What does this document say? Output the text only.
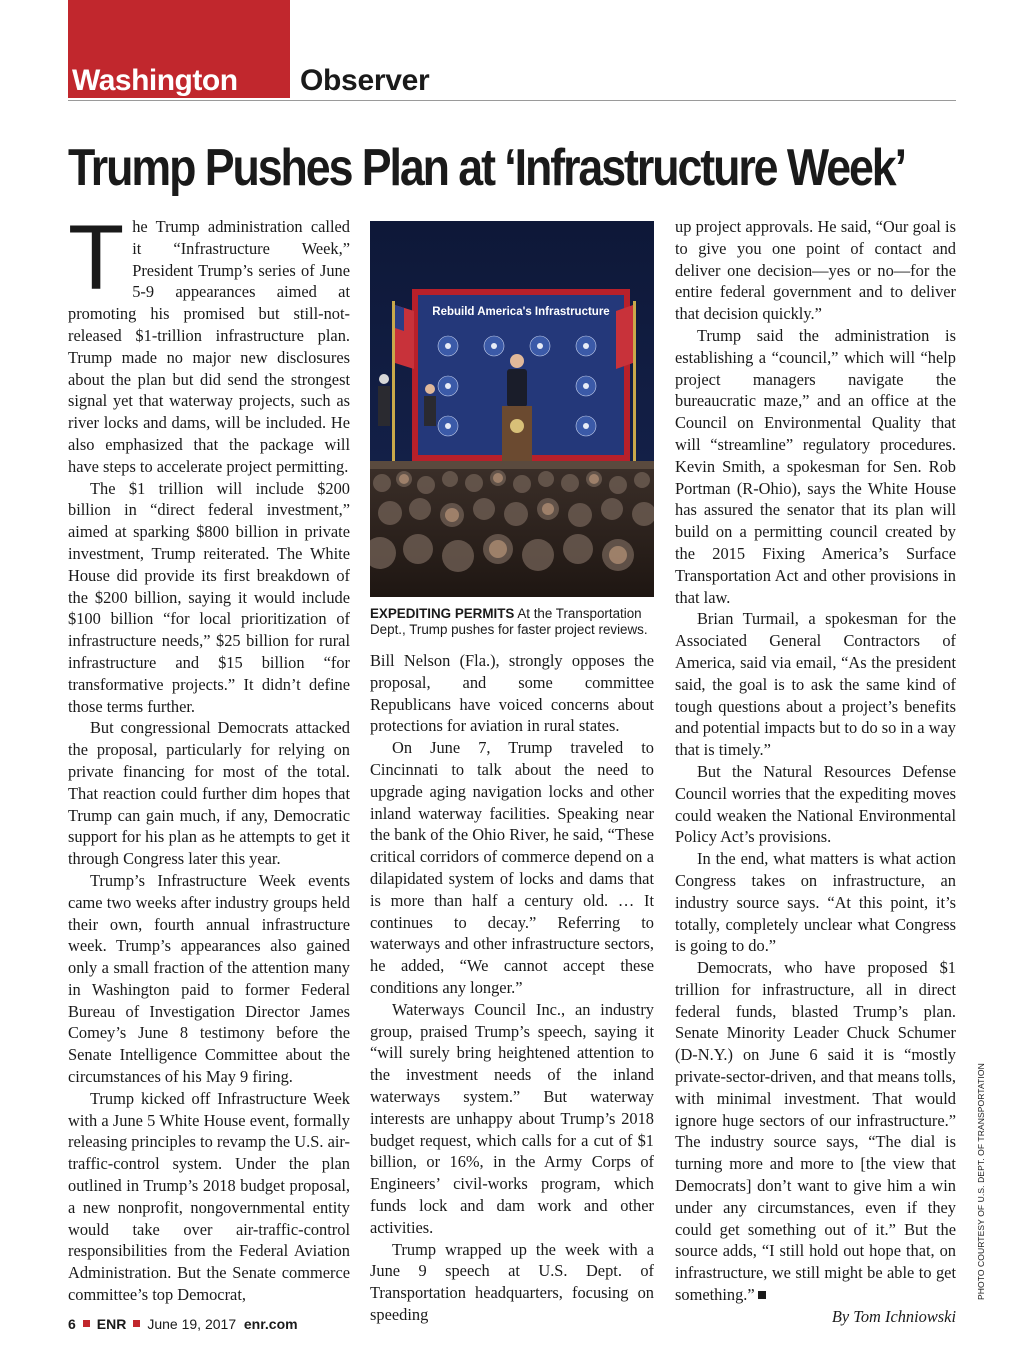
Washington Observer
Trump Pushes Plan at ‘Infrastructure Week’

The Trump administration called it “Infrastructure Week,” President Trump’s series of June 5-9 appearances aimed at promoting his promised but still-not-released $1-trillion infrastructure plan. Trump made no major new disclosures about the plan but did send the strongest signal yet that waterway projects, such as river locks and dams, will be included. He also emphasized that the package will have steps to accelerate project permitting.

The $1 trillion will include $200 billion in “direct federal investment,” aimed at sparking $800 billion in private investment, Trump reiterated. The White House did provide its first breakdown of the $200 billion, saying it would include $100 billion “for local prioritization of infrastructure needs,” $25 billion for rural infrastructure and $15 billion “for transformative projects.” It didn’t define those terms further.

But congressional Democrats attacked the proposal, particularly for relying on private financing for most of the total. That reaction could further dim hopes that Trump can gain much, if any, Democratic support for his plan as he attempts to get it through Congress later this year.

Trump’s Infrastructure Week events came two weeks after industry groups held their own, fourth annual infrastructure week. Trump’s appearances also gained only a small fraction of the attention many in Washington paid to former Federal Bureau of Investigation Director James Comey’s June 8 testimony before the Senate Intelligence Committee about the circumstances of his May 9 firing.

Trump kicked off Infrastructure Week with a June 5 White House event, formally releasing principles to revamp the U.S. air-traffic-control system. Under the plan outlined in Trump’s 2018 budget proposal, a new nonprofit, nongovernmental entity would take over air-traffic-control responsibilities from the Federal Aviation Administration. But the Senate commerce committee’s top Democrat,

Rebuild America's Infrastructure
EXPEDITING PERMITS At the Transportation Dept., Trump pushes for faster project reviews.

Bill Nelson (Fla.), strongly opposes the proposal, and some committee Republicans have voiced concerns about protections for aviation in rural states.

On June 7, Trump traveled to Cincinnati to talk about the need to upgrade aging navigation locks and other inland waterway facilities. Speaking near the bank of the Ohio River, he said, “These critical corridors of commerce depend on a dilapidated system of locks and dams that is more than half a century old. … It continues to decay.” Referring to waterways and other infrastructure sectors, he added, “We cannot accept these conditions any longer.”

Waterways Council Inc., an industry group, praised Trump’s speech, saying it “will surely bring heightened attention to the investment needs of the inland waterways system.” But waterway interests are unhappy about Trump’s 2018 budget request, which calls for a cut of $1 billion, or 16%, in the Army Corps of Engineers’ civil-works program, which funds lock and dam work and other activities.

Trump wrapped up the week with a June 9 speech at U.S. Dept. of Transportation headquarters, focusing on speeding

up project approvals. He said, “Our goal is to give you one point of contact and deliver one decision—yes or no—for the entire federal government and to deliver that decision quickly.”

Trump said the administration is establishing a “council,” which will “help project managers navigate the bureaucratic maze,” and an office at the Council on Environmental Quality that will “streamline” regulatory procedures. Kevin Smith, a spokesman for Sen. Rob Portman (R-Ohio), says the White House has assured the senator that its plan will build on a permitting council created by the 2015 Fixing America’s Surface Transportation Act and other provisions in that law.

Brian Turmail, a spokesman for the Associated General Contractors of America, said via email, “As the president said, the goal is to ask the same kind of tough questions about a project’s benefits and potential impacts but to do so in a way that is timely.”

But the Natural Resources Defense Council worries that the expediting moves could weaken the National Environmental Policy Act’s provisions.

In the end, what matters is what action Congress takes on infrastructure, an industry source says. “At this point, it’s totally, completely unclear what Congress is going to do.”

Democrats, who have proposed $1 trillion for infrastructure, all in direct federal funds, blasted Trump’s plan. Senate Minority Leader Chuck Schumer (D-N.Y.) on June 6 said it is “mostly private-sector-driven, and that means tolls, with minimal investment. That would ignore huge sectors of our infrastructure.” The industry source says, “The dial is turning more and more to [the view that Democrats] don’t want to give him a win under any circumstances, even if they could get something out of it.” But the source adds, “I still hold out hope that, on infrastructure, we still might be able to get something.”

By Tom Ichniowski

PHOTO COURTESY OF U.S. DEPT. OF TRANSPORTATION
6 ENR June 19, 2017 enr.com
